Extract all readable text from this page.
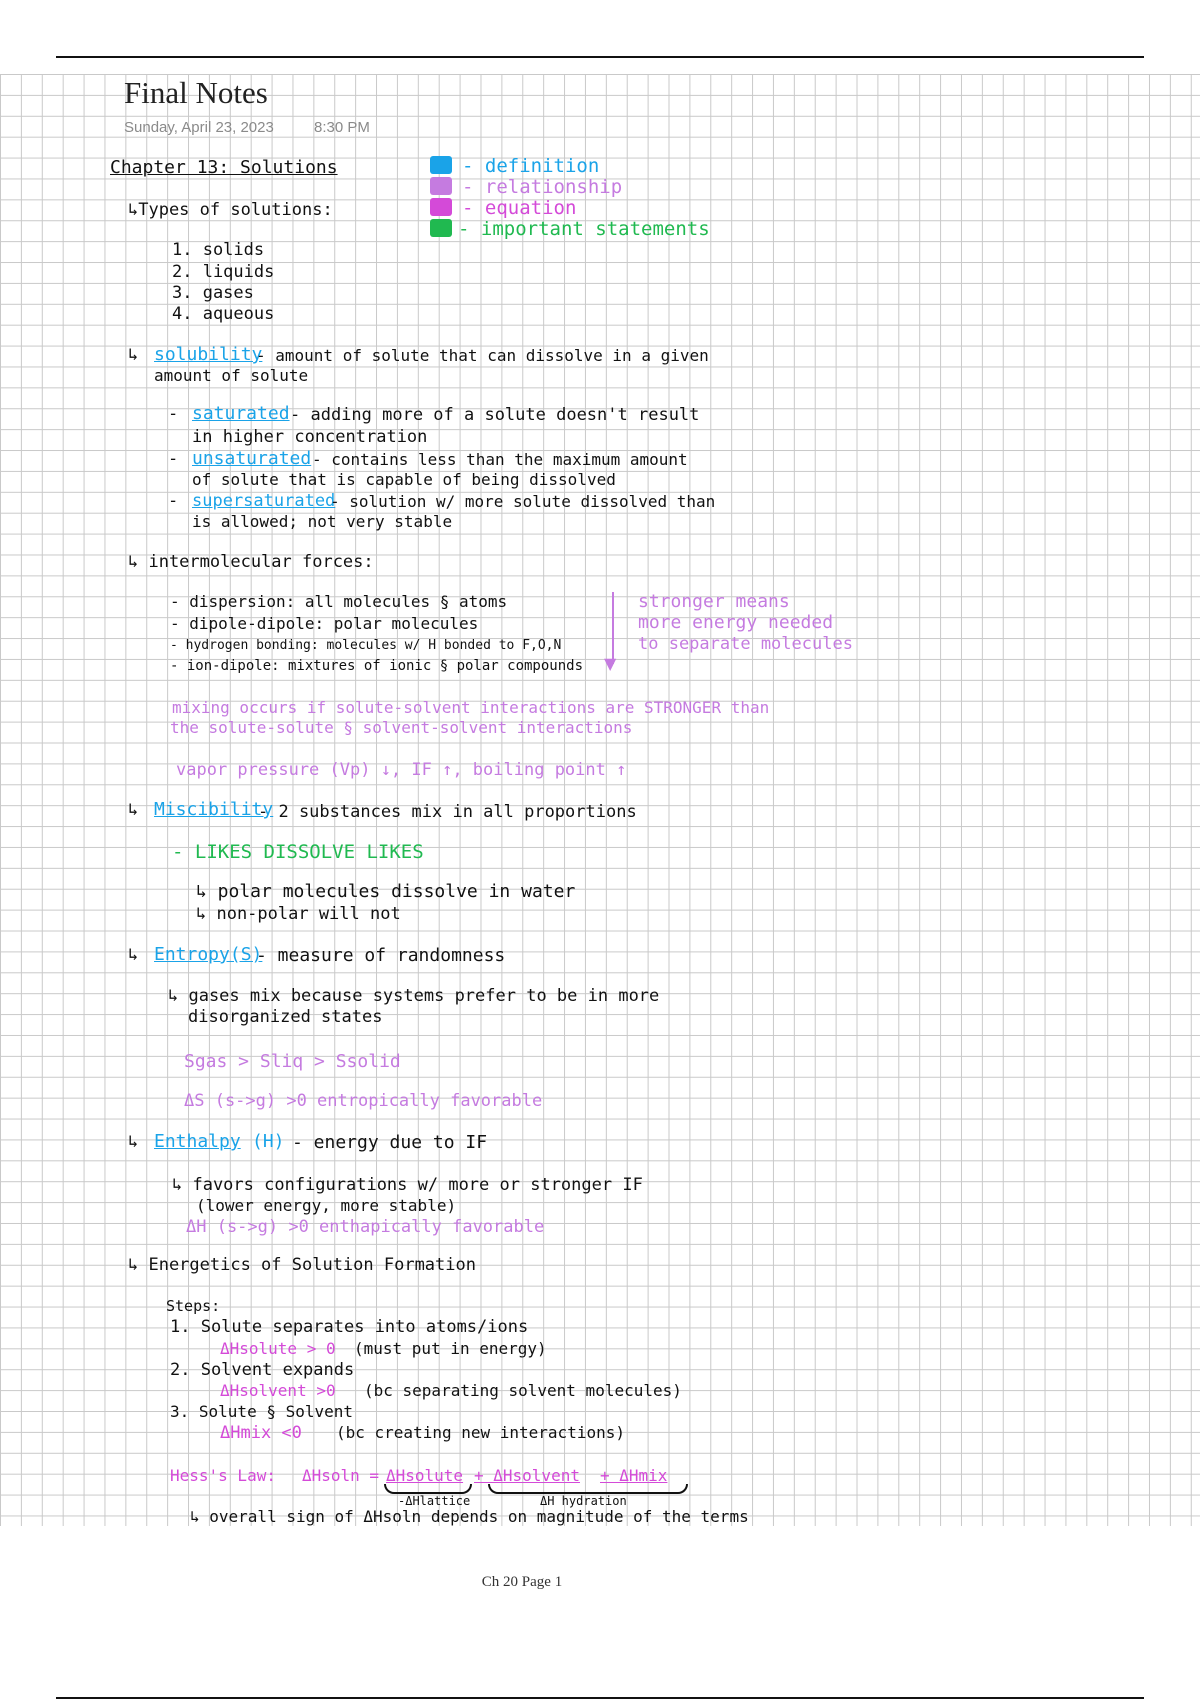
Final Notes
Sunday, April 23, 2023	8:30 PM
Chapter 13: Solutions
↳Types of solutions:
- definition
- relationship
- equation
- important statements
1. solids
2. liquids
3. gases
4. aqueous
↳ solubility
- amount of solute that can dissolve in a given
amount of solute
- saturated - adding more of a solute doesn't result
in higher concentration
- unsaturated - contains less than the maximum amount
of solute that is capable of being dissolved
- supersaturated
- solution w/ more solute dissolved than
is allowed; not very stable
↳ intermolecular forces:
- dispersion: all molecules § atoms
- dipole-dipole: polar molecules
- hydrogen bonding: molecules w/ H bonded to F,O,N
- ion-dipole: mixtures of ionic § polar compounds ▼
stronger means
more energy needed
to separate molecules
mixing occurs if solute-solvent interactions are STRONGER than
the solute-solute § solvent-solvent interactions
vapor pressure (Vp) ↓, IF ↑, boiling point ↑
↳ Miscibility
- 2 substances mix in all proportions
- LIKES DISSOLVE LIKES
↳ polar molecules dissolve in water
↳ non-polar will not
↳ Entropy(S)
- measure of randomness
↳ gases mix because systems prefer to be in more
disorganized states
Sgas > Sliq > Ssolid
ΔS (s->g) >0 entropically favorable
↳ Enthalpy (H) - energy due to IF
↳ favors configurations w/ more or stronger IF
(lower energy, more stable)
ΔH (s->g) >0 enthapically favorable
↳ Energetics of Solution Formation
Steps:
1. Solute separates into atoms/ions
ΔHsolute > 0 (must put in energy)
2. Solvent expands
ΔHsolvent >0 (bc separating solvent molecules)
3. Solute § Solvent
ΔHmix <0 (bc creating new interactions)
Hess's Law: ΔHsoln = ΔHsolute + ΔHsolvent + ΔHmix
-ΔHlattice	ΔH hydration
↳ overall sign of ΔHsoln depends on magnitude of the terms
Ch 20 Page 1
